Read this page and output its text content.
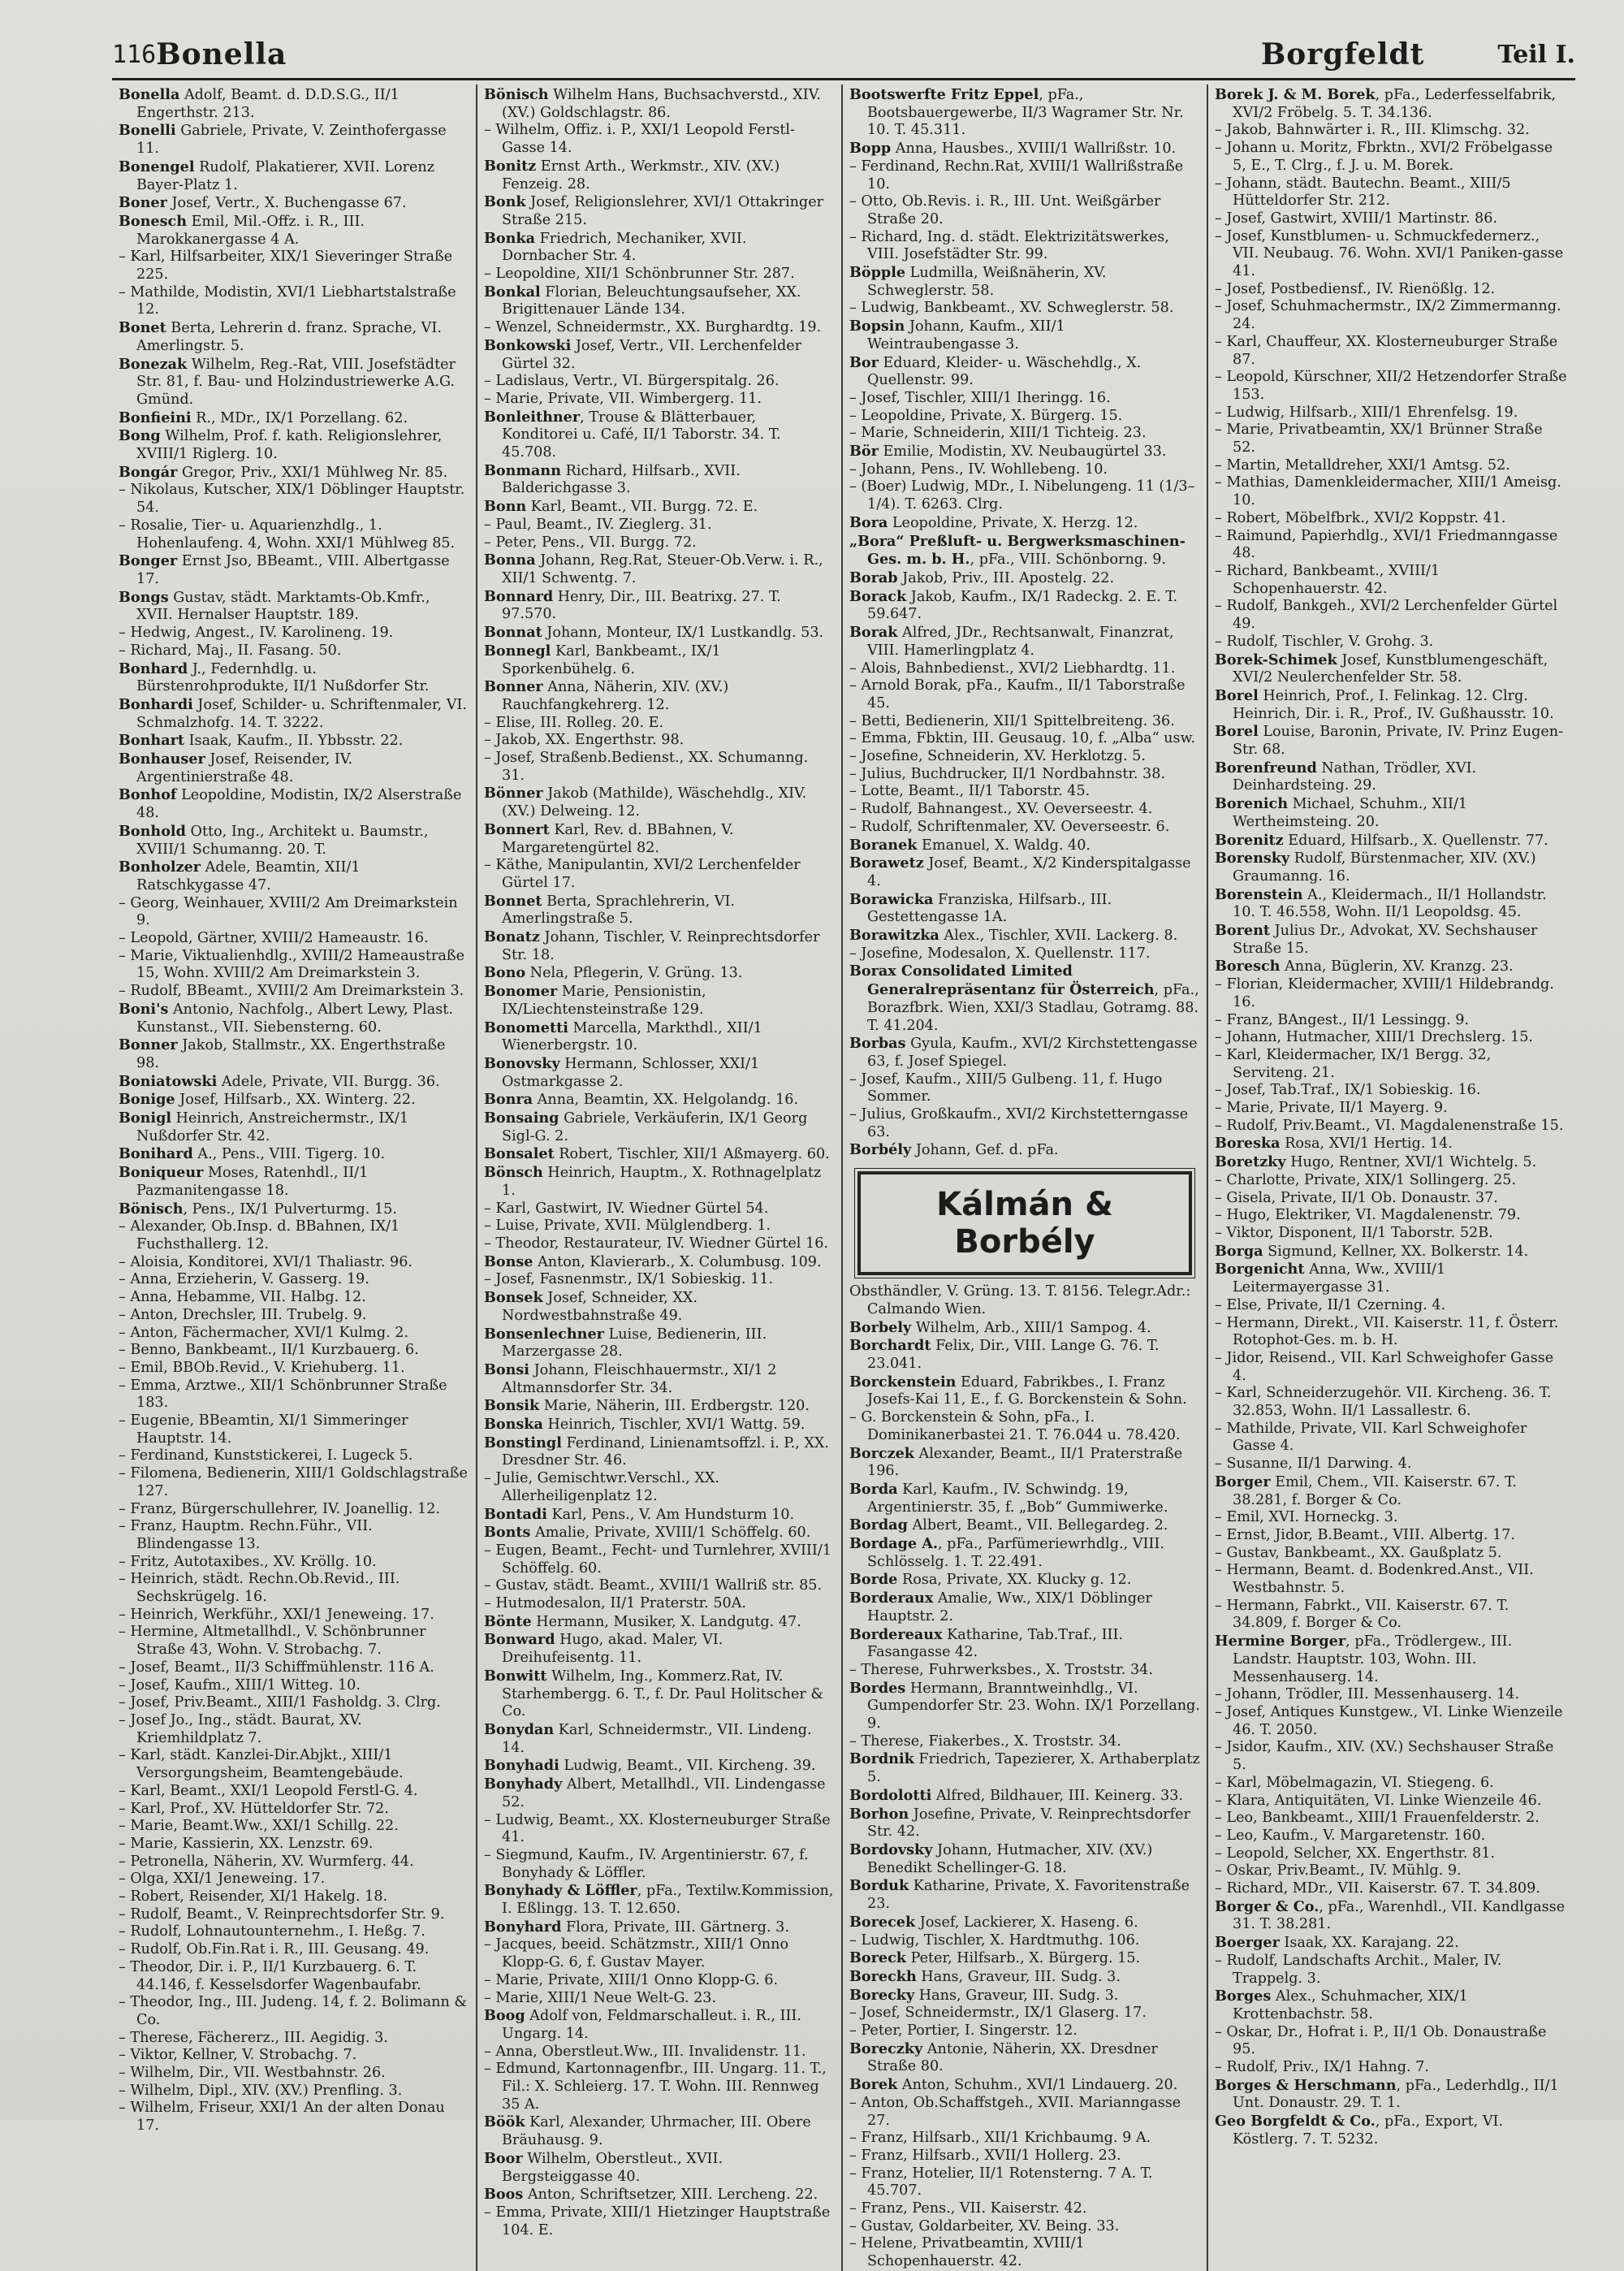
116 Bonella	Borgfeldt	Teil I.
Bonella Adolf, Beamt. d. D.D.S.G., II/1 Engerthstr. 213.
Bonelli Gabriele, Private, V. Zeinthofergasse 11.
Bonengel Rudolf, Plakatierer, XVII. Lorenz Bayer-Platz 1.
Boner Josef, Vertr., X. Buchengasse 67.
Bonesch Emil, Mil.-Offz. i. R., III. Marokkanergasse 4 A.
– Karl, Hilfsarbeiter, XIX/1 Sieveringer Straße 225.
– Mathilde, Modistin, XVI/1 Liebhartstalstraße 12.
Bonet Berta, Lehrerin d. franz. Sprache, VI. Amerlingstr. 5.
Bonezak Wilhelm, Reg.-Rat, VIII. Josefstädter Str. 81, f. Bau- und Holzindustriewerke A.G. Gmünd.
Bonfieini R., MDr., IX/1 Porzellang. 62.
Bong Wilhelm, Prof. f. kath. Religionslehrer, XVIII/1 Riglerg. 10.
Bongár Gregor, Priv., XXI/1 Mühlweg Nr. 85.
– Nikolaus, Kutscher, XIX/1 Döblinger Hauptstr. 54.
– Rosalie, Tier- u. Aquarienzhdlg., 1. Hohenlaufeng. 4, Wohn. XXI/1 Mühlweg 85.
Bonger Ernst Jso, BBeamt., VIII. Albertgasse 17.
Bongs Gustav, städt. Marktamts-Ob.Kmfr., XVII. Hernalser Hauptstr. 189.
– Hedwig, Angest., IV. Karolineng. 19.
– Richard, Maj., II. Fasang. 50.
Bonhard J., Federnhdlg. u. Bürstenrohprodukte, II/1 Nußdorfer Str.
Bonhardi Josef, Schilder- u. Schriftenmaler, VI. Schmalzhofg. 14. T. 3222.
Bonhart Isaak, Kaufm., II. Ybbsstr. 22.
Bonhauser Josef, Reisender, IV. Argentinierstraße 48.
Bonhof Leopoldine, Modistin, IX/2 Alserstraße 48.
Bonhold Otto, Ing., Architekt u. Baumstr., XVIII/1 Schumanng. 20. T.
Bonholzer Adele, Beamtin, XII/1 Ratschkygasse 47.
– Georg, Weinhauer, XVIII/2 Am Dreimarkstein 9.
– Leopold, Gärtner, XVIII/2 Hameaustr. 16.
– Marie, Viktualienhdlg., XVIII/2 Hameaustraße 15, Wohn. XVIII/2 Am Dreimarkstein 3.
– Rudolf, BBeamt., XVIII/2 Am Dreimarkstein 3.
Boni's Antonio, Nachfolg., Albert Lewy, Plast. Kunstanst., VII. Siebensterng. 60.
Bonner Jakob, Stallmstr., XX. Engerthstraße 98.
Boniatowski Adele, Private, VII. Burgg. 36.
Bonige Josef, Hilfsarb., XX. Winterg. 22.
Bonigl Heinrich, Anstreichermstr., IX/1 Nußdorfer Str. 42.
Bonihard A., Pens., VIII. Tigerg. 10.
Boniqueur Moses, Ratenhdl., II/1 Pazmanitengasse 18.
Bönisch, Pens., IX/1 Pulverturmg. 15.
– Alexander, Ob.Insp. d. BBahnen, IX/1 Fuchsthallerg. 12.
– Aloisia, Konditorei, XVI/1 Thaliastr. 96.
– Anna, Erzieherin, V. Gasserg. 19.
– Anna, Hebamme, VII. Halbg. 12.
– Anton, Drechsler, III. Trubelg. 9.
– Anton, Fächermacher, XVI/1 Kulmg. 2.
– Benno, Bankbeamt., II/1 Kurzbauerg. 6.
– Emil, BBOb.Revid., V. Kriehuberg. 11.
– Emma, Arztwe., XII/1 Schönbrunner Straße 183.
– Eugenie, BBeamtin, XI/1 Simmeringer Hauptstr. 14.
– Ferdinand, Kunststickerei, I. Lugeck 5.
– Filomena, Bedienerin, XIII/1 Goldschlagstraße 127.
– Franz, Bürgerschullehrer, IV. Joanellig. 12.
– Franz, Hauptm. Rechn.Führ., VII. Blindengasse 13.
– Fritz, Autotaxibes., XV. Kröllg. 10.
– Heinrich, städt. Rechn.Ob.Revid., III. Sechskrügelg. 16.
– Heinrich, Werkführ., XXI/1 Jeneweing. 17.
– Hermine, Altmetallhdl., V. Schönbrunner Straße 43, Wohn. V. Strobachg. 7.
– Josef, Beamt., II/3 Schiffmühlenstr. 116 A.
– Josef, Kaufm., XIII/1 Witteg. 10.
– Josef, Priv.Beamt., XIII/1 Fasholdg. 3. Clrg.
– Josef Jo., Ing., städt. Baurat, XV. Kriemhildplatz 7.
– Karl, städt. Kanzlei-Dir.Abjkt., XIII/1 Versorgungsheim, Beamtengebäude.
– Karl, Beamt., XXI/1 Leopold Ferstl-G. 4.
– Karl, Prof., XV. Hütteldorfer Str. 72.
– Marie, Beamt.Ww., XXI/1 Schillg. 22.
– Marie, Kassierin, XX. Lenzstr. 69.
– Petronella, Näherin, XV. Wurmferg. 44.
– Olga, XXI/1 Jeneweing. 17.
– Robert, Reisender, XI/1 Hakelg. 18.
– Rudolf, Beamt., V. Reinprechtsdorfer Str. 9.
– Rudolf, Lohnautounternehm., I. Heßg. 7.
– Rudolf, Ob.Fin.Rat i. R., III. Geusang. 49.
– Theodor, Dir. i. P., II/1 Kurzbauerg. 6. T. 44.146, f. Kesselsdorfer Wagenbaufabr.
– Theodor, Ing., III. Judeng. 14, f. 2. Bolimann & Co.
– Therese, Fächererz., III. Aegidig. 3.
– Viktor, Kellner, V. Strobachg. 7.
– Wilhelm, Dir., VII. Westbahnstr. 26.
– Wilhelm, Dipl., XIV. (XV.) Prenfling. 3.
– Wilhelm, Friseur, XXI/1 An der alten Donau 17.
Bönisch Wilhelm Hans, Buchsachverstd., XIV. (XV.) Goldschlagstr. 86.
– Wilhelm, Offiz. i. P., XXI/1 Leopold Ferstl-Gasse 14.
Bonitz Ernst Arth., Werkmstr., XIV. (XV.) Fenzeig. 28.
Bonk Josef, Religionslehrer, XVI/1 Ottakringer Straße 215.
Bonka Friedrich, Mechaniker, XVII. Dornbacher Str. 4.
– Leopoldine, XII/1 Schönbrunner Str. 287.
Bonkal Florian, Beleuchtungsaufseher, XX. Brigittenauer Lände 134.
– Wenzel, Schneidermstr., XX. Burghardtg. 19.
Bonkowski Josef, Vertr., VII. Lerchenfelder Gürtel 32.
– Ladislaus, Vertr., VI. Bürgerspitalg. 26.
– Marie, Private, VII. Wimbergerg. 11.
Bonleithner, Trouse & Blätterbauer, Konditorei u. Café, II/1 Taborstr. 34. T. 45.708.
Bonmann Richard, Hilfsarb., XVII. Balderichgasse 3.
Bonn Karl, Beamt., VII. Burgg. 72. E.
– Paul, Beamt., IV. Zieglerg. 31.
– Peter, Pens., VII. Burgg. 72.
Bonna Johann, Reg.Rat, Steuer-Ob.Verw. i. R., XII/1 Schwentg. 7.
Bonnard Henry, Dir., III. Beatrixg. 27. T. 97.570.
Bonnat Johann, Monteur, IX/1 Lustkandlg. 53.
Bonnegl Karl, Bankbeamt., IX/1 Sporkenbühelg. 6.
Bonner Anna, Näherin, XIV. (XV.) Rauchfangkehrerg. 12.
– Elise, III. Rolleg. 20. E.
– Jakob, XX. Engerthstr. 98.
– Josef, Straßenb.Bedienst., XX. Schumanng. 31.
Bönner Jakob (Mathilde), Wäschehdlg., XIV. (XV.) Delweing. 12.
Bonnert Karl, Rev. d. BBahnen, V. Margaretengürtel 82.
– Käthe, Manipulantin, XVI/2 Lerchenfelder Gürtel 17.
Bonnet Berta, Sprachlehrerin, VI. Amerlingstraße 5.
Bonatz Johann, Tischler, V. Reinprechtsdorfer Str. 18.
Bono Nela, Pflegerin, V. Grüng. 13.
Bonomer Marie, Pensionistin, IX/Liechtensteinstraße 129.
Bonometti Marcella, Markthdl., XII/1 Wienerbergstr. 10.
Bonovsky Hermann, Schlosser, XXI/1 Ostmarkgasse 2.
Bonra Anna, Beamtin, XX. Helgolandg. 16.
Bonsaing Gabriele, Verkäuferin, IX/1 Georg Sigl-G. 2.
Bonsalet Robert, Tischler, XII/1 Aßmayerg. 60.
Bönsch Heinrich, Hauptm., X. Rothnagelplatz 1.
– Karl, Gastwirt, IV. Wiedner Gürtel 54.
– Luise, Private, XVII. Mülglendberg. 1.
– Theodor, Restaurateur, IV. Wiedner Gürtel 16.
Bonse Anton, Klavierarb., X. Columbusg. 109.
– Josef, Fasnenmstr., IX/1 Sobieskig. 11.
Bonsek Josef, Schneider, XX. Nordwestbahnstraße 49.
Bonsenlechner Luise, Bedienerin, III. Marzergasse 28.
Bonsi Johann, Fleischhauermstr., XI/1 2 Altmannsdorfer Str. 34.
Bonsik Marie, Näherin, III. Erdbergstr. 120.
Bonska Heinrich, Tischler, XVI/1 Wattg. 59.
Bonstingl Ferdinand, Linienamtsoffzl. i. P., XX. Dresdner Str. 46.
– Julie, Gemischtwr.Verschl., XX. Allerheiligenplatz 12.
Bontadi Karl, Pens., V. Am Hundsturm 10.
Bonts Amalie, Private, XVIII/1 Schöffelg. 60.
– Eugen, Beamt., Fecht- und Turnlehrer, XVIII/1 Schöffelg. 60.
– Gustav, städt. Beamt., XVIII/1 Wallriß str. 85.
– Hutmodesalon, II/1 Praterstr. 50A.
Bönte Hermann, Musiker, X. Landgutg. 47.
Bonward Hugo, akad. Maler, VI. Dreihufeisentg. 11.
Bonwitt Wilhelm, Ing., Kommerz.Rat, IV. Starhembergg. 6. T., f. Dr. Paul Holitscher & Co.
Bonydan Karl, Schneidermstr., VII. Lindeng. 14.
Bonyhadi Ludwig, Beamt., VII. Kircheng. 39.
Bonyhady Albert, Metallhdl., VII. Lindengasse 52.
– Ludwig, Beamt., XX. Klosterneuburger Straße 41.
– Siegmund, Kaufm., IV. Argentinierstr. 67, f. Bonyhady & Löffler.
Bonyhady & Löffler, pFa., Textilw.Kommission, I. Eßlingg. 13. T. 12.650.
Bonyhard Flora, Private, III. Gärtnerg. 3.
– Jacques, beeid. Schätzmstr., XIII/1 Onno Klopp-G. 6, f. Gustav Mayer.
– Marie, Private, XIII/1 Onno Klopp-G. 6.
– Marie, XIII/1 Neue Welt-G. 23.
Boog Adolf von, Feldmarschalleut. i. R., III. Ungarg. 14.
– Anna, Oberstleut.Ww., III. Invalidenstr. 11.
– Edmund, Kartonnagenfbr., III. Ungarg. 11. T., Fil.: X. Schleierg. 17. T. Wohn. III. Rennweg 35 A.
Böök Karl, Alexander, Uhrmacher, III. Obere Bräuhausg. 9.
Boor Wilhelm, Oberstleut., XVII. Bergsteiggasse 40.
Boos Anton, Schriftsetzer, XIII. Lercheng. 22.
– Emma, Private, XIII/1 Hietzinger Hauptstraße 104. E.
Bootswerfte Fritz Eppel, pFa., Bootsbauergewerbe, II/3 Wagramer Str. Nr. 10. T. 45.311.
Bopp Anna, Hausbes., XVIII/1 Wallrißstr. 10.
– Ferdinand, Rechn.Rat, XVIII/1 Wallrißstraße 10.
– Otto, Ob.Revis. i. R., III. Unt. Weißgärber Straße 20.
– Richard, Ing. d. städt. Elektrizitätswerkes, VIII. Josefstädter Str. 99.
Böpple Ludmilla, Weißnäherin, XV. Schweglerstr. 58.
– Ludwig, Bankbeamt., XV. Schweglerstr. 58.
Bopsin Johann, Kaufm., XII/1 Weintraubengasse 3.
Bor Eduard, Kleider- u. Wäschehdlg., X. Quellenstr. 99.
– Josef, Tischler, XIII/1 Iheringg. 16.
– Leopoldine, Private, X. Bürgerg. 15.
– Marie, Schneiderin, XIII/1 Tichteig. 23.
Bör Emilie, Modistin, XV. Neubaugürtel 33.
– Johann, Pens., IV. Wohllebeng. 10.
– (Boer) Ludwig, MDr., I. Nibelungeng. 11 (1/3–1/4). T. 6263. Clrg.
Bora Leopoldine, Private, X. Herzg. 12.
„Bora“ Preßluft- u. Bergwerksmaschinen-Ges. m. b. H., pFa., VIII. Schönborng. 9.
Borab Jakob, Priv., III. Apostelg. 22.
Borack Jakob, Kaufm., IX/1 Radeckg. 2. E. T. 59.647.
Borak Alfred, JDr., Rechtsanwalt, Finanzrat, VIII. Hamerlingplatz 4.
– Alois, Bahnbedienst., XVI/2 Liebhardtg. 11.
– Arnold Borak, pFa., Kaufm., II/1 Taborstraße 45.
– Betti, Bedienerin, XII/1 Spittelbreiteng. 36.
– Emma, Fbktin, III. Geusaug. 10, f. „Alba“ usw.
– Josefine, Schneiderin, XV. Herklotzg. 5.
– Julius, Buchdrucker, II/1 Nordbahnstr. 38.
– Lotte, Beamt., II/1 Taborstr. 45.
– Rudolf, Bahnangest., XV. Oeverseestr. 4.
– Rudolf, Schriftenmaler, XV. Oeverseestr. 6.
Boranek Emanuel, X. Waldg. 40.
Borawetz Josef, Beamt., X/2 Kinderspitalgasse 4.
Borawicka Franziska, Hilfsarb., III. Gestettengasse 1A.
Borawitzka Alex., Tischler, XVII. Lackerg. 8.
– Josefine, Modesalon, X. Quellenstr. 117.
Borax Consolidated Limited Generalrepräsentanz für Österreich, pFa., Borazfbrk. Wien, XXI/3 Stadlau, Gotramg. 88. T. 41.204.
Borbas Gyula, Kaufm., XVI/2 Kirchstettengasse 63, f. Josef Spiegel.
– Josef, Kaufm., XIII/5 Gulbeng. 11, f. Hugo Sommer.
– Julius, Großkaufm., XVI/2 Kirchstetterngasse 63.
Borbély Johann, Gef. d. pFa.
Kálmán & Borbély
Obsthändler, V. Grüng. 13. T. 8156. Telegr.Adr.: Calmando Wien.
Borbely Wilhelm, Arb., XIII/1 Sampog. 4.
Borchardt Felix, Dir., VIII. Lange G. 76. T. 23.041.
Borckenstein Eduard, Fabrikbes., I. Franz Josefs-Kai 11, E., f. G. Borckenstein & Sohn.
– G. Borckenstein & Sohn, pFa., I. Dominikanerbastei 21. T. 76.044 u. 78.420.
Borczek Alexander, Beamt., II/1 Praterstraße 196.
Borda Karl, Kaufm., IV. Schwindg. 19, Argentinierstr. 35, f. „Bob“ Gummiwerke.
Bordag Albert, Beamt., VII. Bellegardeg. 2.
Bordage A., pFa., Parfümeriewrhdlg., VIII. Schlösselg. 1. T. 22.491.
Borde Rosa, Private, XX. Klucky g. 12.
Borderaux Amalie, Ww., XIX/1 Döblinger Hauptstr. 2.
Bordereaux Katharine, Tab.Traf., III. Fasangasse 42.
– Therese, Fuhrwerksbes., X. Troststr. 34.
Bordes Hermann, Branntweinhdlg., VI. Gumpendorfer Str. 23. Wohn. IX/1 Porzellang. 9.
– Therese, Fiakerbes., X. Troststr. 34.
Bordnik Friedrich, Tapezierer, X. Arthaberplatz 5.
Bordolotti Alfred, Bildhauer, III. Keinerg. 33.
Borhon Josefine, Private, V. Reinprechtsdorfer Str. 42.
Bordovsky Johann, Hutmacher, XIV. (XV.) Benedikt Schellinger-G. 18.
Borduk Katharine, Private, X. Favoritenstraße 23.
Borecek Josef, Lackierer, X. Haseng. 6.
– Ludwig, Tischler, X. Hardtmuthg. 106.
Boreck Peter, Hilfsarb., X. Bürgerg. 15.
Boreckh Hans, Graveur, III. Sudg. 3.
Borecky Hans, Graveur, III. Sudg. 3.
– Josef, Schneidermstr., IX/1 Glaserg. 17.
– Peter, Portier, I. Singerstr. 12.
Boreczky Antonie, Näherin, XX. Dresdner Straße 80.
Borek Anton, Schuhm., XVI/1 Lindauerg. 20.
– Anton, Ob.Schaffstgeh., XVII. Marianngasse 27.
– Franz, Hilfsarb., XII/1 Krichbaumg. 9 A.
– Franz, Hilfsarb., XVII/1 Hollerg. 23.
– Franz, Hotelier, II/1 Rotensterng. 7 A. T. 45.707.
– Franz, Pens., VII. Kaiserstr. 42.
– Gustav, Goldarbeiter, XV. Being. 33.
– Helene, Privatbeamtin, XVIII/1 Schopenhauerstr. 42.
Borek J. & M. Borek, pFa., Lederfesselfabrik, XVI/2 Fröbelg. 5. T. 34.136.
– Jakob, Bahnwärter i. R., III. Klimschg. 32.
– Johann u. Moritz, Fbrktn., XVI/2 Fröbelgasse 5, E., T. Clrg., f. J. u. M. Borek.
– Johann, städt. Bautechn. Beamt., XIII/5 Hütteldorfer Str. 212.
– Josef, Gastwirt, XVIII/1 Martinstr. 86.
– Josef, Kunstblumen- u. Schmuckfedernerz., VII. Neubaug. 76. Wohn. XVI/1 Paniken-gasse 41.
– Josef, Postbediensf., IV. Rienößlg. 12.
– Josef, Schuhmachermstr., IX/2 Zimmermanng. 24.
– Karl, Chauffeur, XX. Klosterneuburger Straße 87.
– Leopold, Kürschner, XII/2 Hetzendorfer Straße 153.
– Ludwig, Hilfsarb., XIII/1 Ehrenfelsg. 19.
– Marie, Privatbeamtin, XX/1 Brünner Straße 52.
– Martin, Metalldreher, XXI/1 Amtsg. 52.
– Mathias, Damenkleidermacher, XIII/1 Ameisg. 10.
– Robert, Möbelfbrk., XVI/2 Koppstr. 41.
– Raimund, Papierhdlg., XVI/1 Friedmanngasse 48.
– Richard, Bankbeamt., XVIII/1 Schopenhauerstr. 42.
– Rudolf, Bankgeh., XVI/2 Lerchenfelder Gürtel 49.
– Rudolf, Tischler, V. Grohg. 3.
Borek-Schimek Josef, Kunstblumengeschäft, XVI/2 Neulerchenfelder Str. 58.
Borel Heinrich, Prof., I. Felinkag. 12. Clrg. Heinrich, Dir. i. R., Prof., IV. Gußhausstr. 10.
Borel Louise, Baronin, Private, IV. Prinz Eugen-Str. 68.
Borenfreund Nathan, Trödler, XVI. Deinhardsteing. 29.
Borenich Michael, Schuhm., XII/1 Wertheimsteing. 20.
Borenitz Eduard, Hilfsarb., X. Quellenstr. 77.
Borensky Rudolf, Bürstenmacher, XIV. (XV.) Graumanng. 16.
Borenstein A., Kleidermach., II/1 Hollandstr. 10. T. 46.558, Wohn. II/1 Leopoldsg. 45.
Borent Julius Dr., Advokat, XV. Sechshauser Straße 15.
Boresch Anna, Büglerin, XV. Kranzg. 23.
– Florian, Kleidermacher, XVIII/1 Hildebrandg. 16.
– Franz, BAngest., II/1 Lessingg. 9.
– Johann, Hutmacher, XIII/1 Drechslerg. 15.
– Karl, Kleidermacher, IX/1 Bergg. 32, Serviteng. 21.
– Josef, Tab.Traf., IX/1 Sobieskig. 16.
– Marie, Private, II/1 Mayerg. 9.
– Rudolf, Priv.Beamt., VI. Magdalenenstraße 15.
Boreska Rosa, XVI/1 Hertig. 14.
Boretzky Hugo, Rentner, XVI/1 Wichtelg. 5.
– Charlotte, Private, XIX/1 Sollingerg. 25.
– Gisela, Private, II/1 Ob. Donaustr. 37.
– Hugo, Elektriker, VI. Magdalenenstr. 79.
– Viktor, Disponent, II/1 Taborstr. 52B.
Borga Sigmund, Kellner, XX. Bolkerstr. 14.
Borgenicht Anna, Ww., XVIII/1 Leitermayergasse 31.
– Else, Private, II/1 Czerning. 4.
– Hermann, Direkt., VII. Kaiserstr. 11, f. Österr. Rotophot-Ges. m. b. H.
– Jidor, Reisend., VII. Karl Schweighofer Gasse 4.
– Karl, Schneiderzugehör. VII. Kircheng. 36. T. 32.853, Wohn. II/1 Lassallestr. 6.
– Mathilde, Private, VII. Karl Schweighofer Gasse 4.
– Susanne, II/1 Darwing. 4.
Borger Emil, Chem., VII. Kaiserstr. 67. T. 38.281, f. Borger & Co.
– Emil, XVI. Horneckg. 3.
– Ernst, Jidor, B.Beamt., VIII. Albertg. 17.
– Gustav, Bankbeamt., XX. Gaußplatz 5.
– Hermann, Beamt. d. Bodenkred.Anst., VII. Westbahnstr. 5.
– Hermann, Fabrkt., VII. Kaiserstr. 67. T. 34.809, f. Borger & Co.
Hermine Borger, pFa., Trödlergew., III. Landstr. Hauptstr. 103, Wohn. III. Messenhauserg. 14.
– Johann, Trödler, III. Messenhauserg. 14.
– Josef, Antiques Kunstgew., VI. Linke Wienzeile 46. T. 2050.
– Jsidor, Kaufm., XIV. (XV.) Sechshauser Straße 5.
– Karl, Möbelmagazin, VI. Stiegeng. 6.
– Klara, Antiquitäten, VI. Linke Wienzeile 46.
– Leo, Bankbeamt., XIII/1 Frauenfelderstr. 2.
– Leo, Kaufm., V. Margaretenstr. 160.
– Leopold, Selcher, XX. Engerthstr. 81.
– Oskar, Priv.Beamt., IV. Mühlg. 9.
– Richard, MDr., VII. Kaiserstr. 67. T. 34.809.
Borger & Co., pFa., Warenhdl., VII. Kandlgasse 31. T. 38.281.
Boerger Isaak, XX. Karajang. 22.
– Rudolf, Landschafts Archit., Maler, IV. Trappelg. 3.
Borges Alex., Schuhmacher, XIX/1 Krottenbachstr. 58.
– Oskar, Dr., Hofrat i. P., II/1 Ob. Donaustraße 95.
– Rudolf, Priv., IX/1 Hahng. 7.
Borges & Herschmann, pFa., Lederhdlg., II/1 Unt. Donaustr. 29. T. 1.
Geo Borgfeldt & Co., pFa., Export, VI. Köstlerg. 7. T. 5232.
